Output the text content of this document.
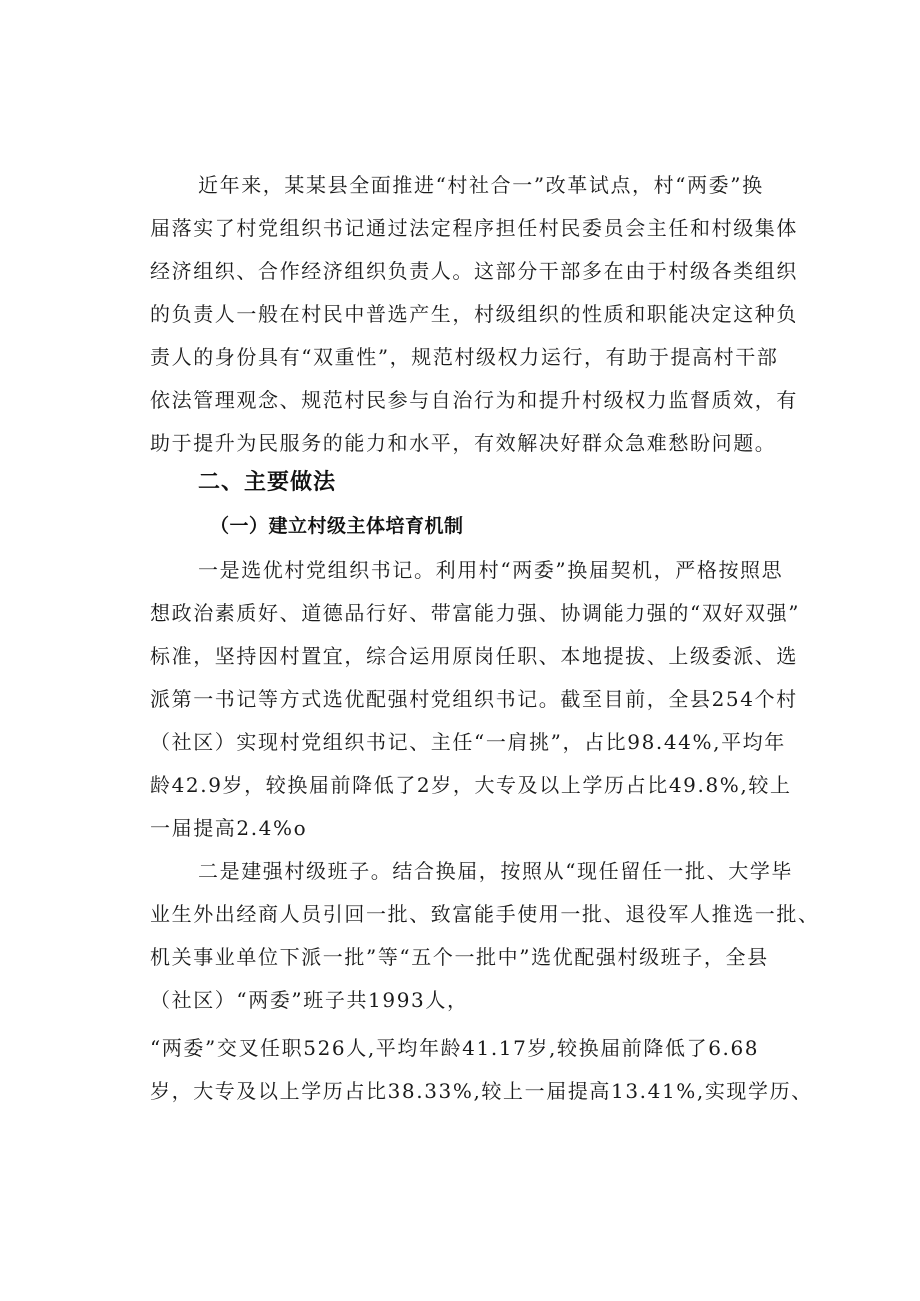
近年来，某某县全面推进“村社合一”改革试点，村“两委”换
届落实了村党组织书记通过法定程序担任村民委员会主任和村级集体
经济组织、合作经济组织负责人。这部分干部多在由于村级各类组织
的负责人一般在村民中普选产生，村级组织的性质和职能决定这种负
责人的身份具有“双重性”，规范村级权力运行，有助于提高村干部
依法管理观念、规范村民参与自治行为和提升村级权力监督质效，有
助于提升为民服务的能力和水平，有效解决好群众急难愁盼问题。
二、主要做法
（一）建立村级主体培育机制
一是选优村党组织书记。利用村“两委”换届契机，严格按照思
想政治素质好、道德品行好、带富能力强、协调能力强的“双好双强”
标准，坚持因村置宜，综合运用原岗任职、本地提拔、上级委派、选
派第一书记等方式选优配强村党组织书记。截至目前，全县254个村
（社区）实现村党组织书记、主任“一肩挑”，占比98.44%,平均年
龄42.9岁，较换届前降低了2岁，大专及以上学历占比49.8%,较上
一届提高2.4%o
二是建强村级班子。结合换届，按照从“现任留任一批、大学毕
业生外出经商人员引回一批、致富能手使用一批、退役军人推选一批、
机关事业单位下派一批”等“五个一批中”选优配强村级班子，全县
（社区）“两委”班子共1993人，
“两委”交叉任职526人,平均年龄41.17岁,较换届前降低了6.68
岁，大专及以上学历占比38.33%,较上一届提高13.41%,实现学历、
